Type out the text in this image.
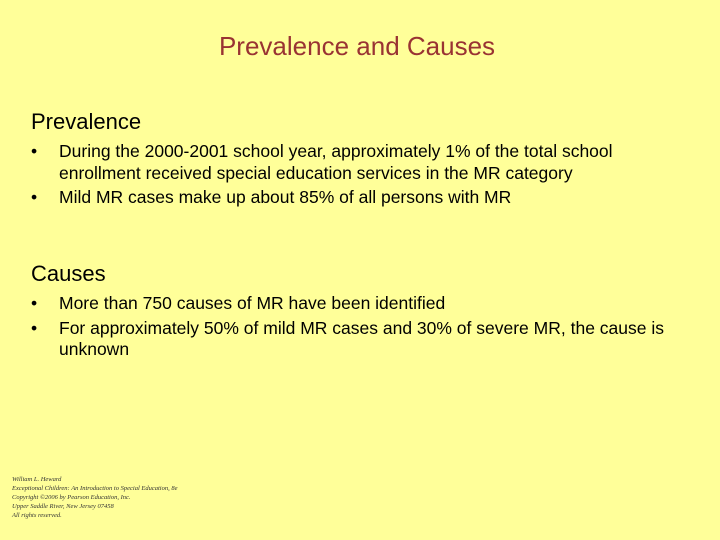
Prevalence and Causes
Prevalence
•	During the 2000-2001 school year, approximately 1% of the total school enrollment received special education services in the MR category
•	Mild MR cases make up about 85% of all persons with MR
Causes
•	More than 750 causes of MR have been identified
•	For approximately 50% of mild MR cases and 30% of severe MR, the cause is unknown
William L. Heward
Exceptional Children: An Introduction to Special Education, 8e
Copyright ©2006 by Pearson Education, Inc.
Upper Saddle River, New Jersey 07458
All rights reserved.
